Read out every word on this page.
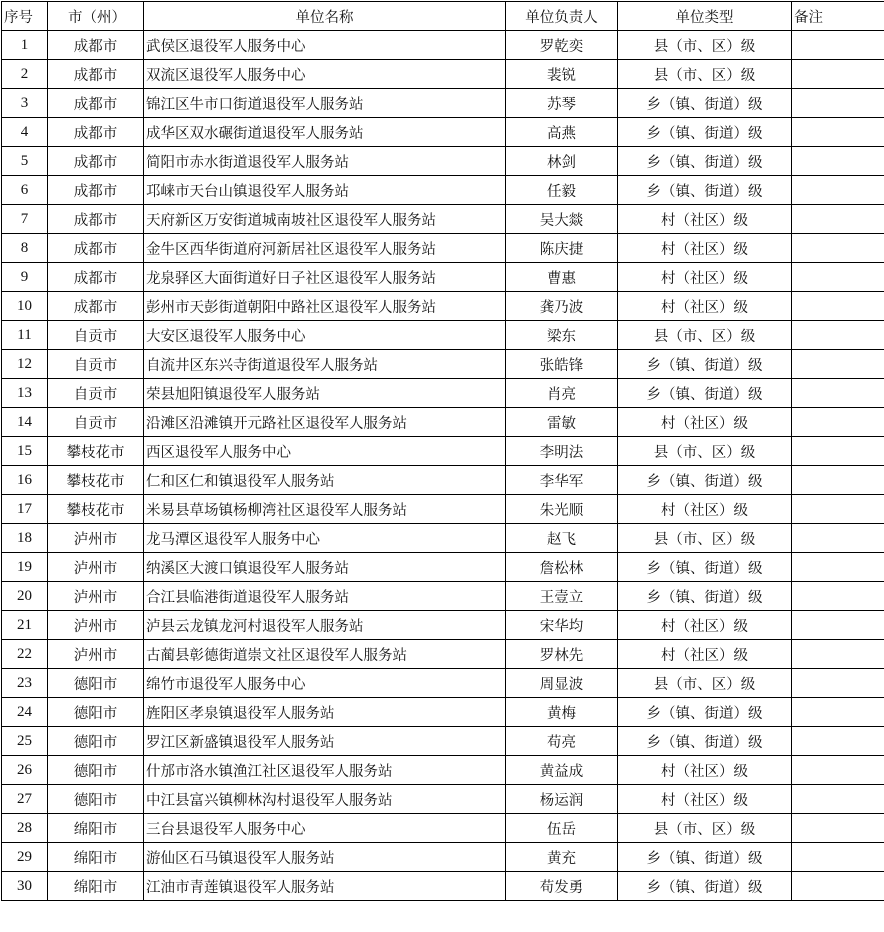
序号	市（州）	单位名称	单位负责人	单位类型	备注
1	成都市	武侯区退役军人服务中心	罗乾奕	县（市、区）级	
2	成都市	双流区退役军人服务中心	裴锐	县（市、区）级	
3	成都市	锦江区牛市口街道退役军人服务站	苏琴	乡（镇、街道）级	
4	成都市	成华区双水碾街道退役军人服务站	高燕	乡（镇、街道）级	
5	成都市	简阳市赤水街道退役军人服务站	林剑	乡（镇、街道）级	
6	成都市	邛崃市天台山镇退役军人服务站	任毅	乡（镇、街道）级	
7	成都市	天府新区万安街道城南坡社区退役军人服务站	吴大燚	村（社区）级	
8	成都市	金牛区西华街道府河新居社区退役军人服务站	陈庆捷	村（社区）级	
9	成都市	龙泉驿区大面街道好日子社区退役军人服务站	曹惠	村（社区）级	
10	成都市	彭州市天彭街道朝阳中路社区退役军人服务站	龚乃波	村（社区）级	
11	自贡市	大安区退役军人服务中心	梁东	县（市、区）级	
12	自贡市	自流井区东兴寺街道退役军人服务站	张皓锋	乡（镇、街道）级	
13	自贡市	荣县旭阳镇退役军人服务站	肖亮	乡（镇、街道）级	
14	自贡市	沿滩区沿滩镇开元路社区退役军人服务站	雷敏	村（社区）级	
15	攀枝花市	西区退役军人服务中心	李明法	县（市、区）级	
16	攀枝花市	仁和区仁和镇退役军人服务站	李华军	乡（镇、街道）级	
17	攀枝花市	米易县草场镇杨柳湾社区退役军人服务站	朱光顺	村（社区）级	
18	泸州市	龙马潭区退役军人服务中心	赵飞	县（市、区）级	
19	泸州市	纳溪区大渡口镇退役军人服务站	詹松林	乡（镇、街道）级	
20	泸州市	合江县临港街道退役军人服务站	王壹立	乡（镇、街道）级	
21	泸州市	泸县云龙镇龙河村退役军人服务站	宋华均	村（社区）级	
22	泸州市	古蔺县彰德街道崇文社区退役军人服务站	罗林先	村（社区）级	
23	德阳市	绵竹市退役军人服务中心	周显波	县（市、区）级	
24	德阳市	旌阳区孝泉镇退役军人服务站	黄梅	乡（镇、街道）级	
25	德阳市	罗江区新盛镇退役军人服务站	苟亮	乡（镇、街道）级	
26	德阳市	什邡市洛水镇渔江社区退役军人服务站	黄益成	村（社区）级	
27	德阳市	中江县富兴镇柳林沟村退役军人服务站	杨运润	村（社区）级	
28	绵阳市	三台县退役军人服务中心	伍岳	县（市、区）级	
29	绵阳市	游仙区石马镇退役军人服务站	黄充	乡（镇、街道）级	
30	绵阳市	江油市青莲镇退役军人服务站	苟发勇	乡（镇、街道）级	
